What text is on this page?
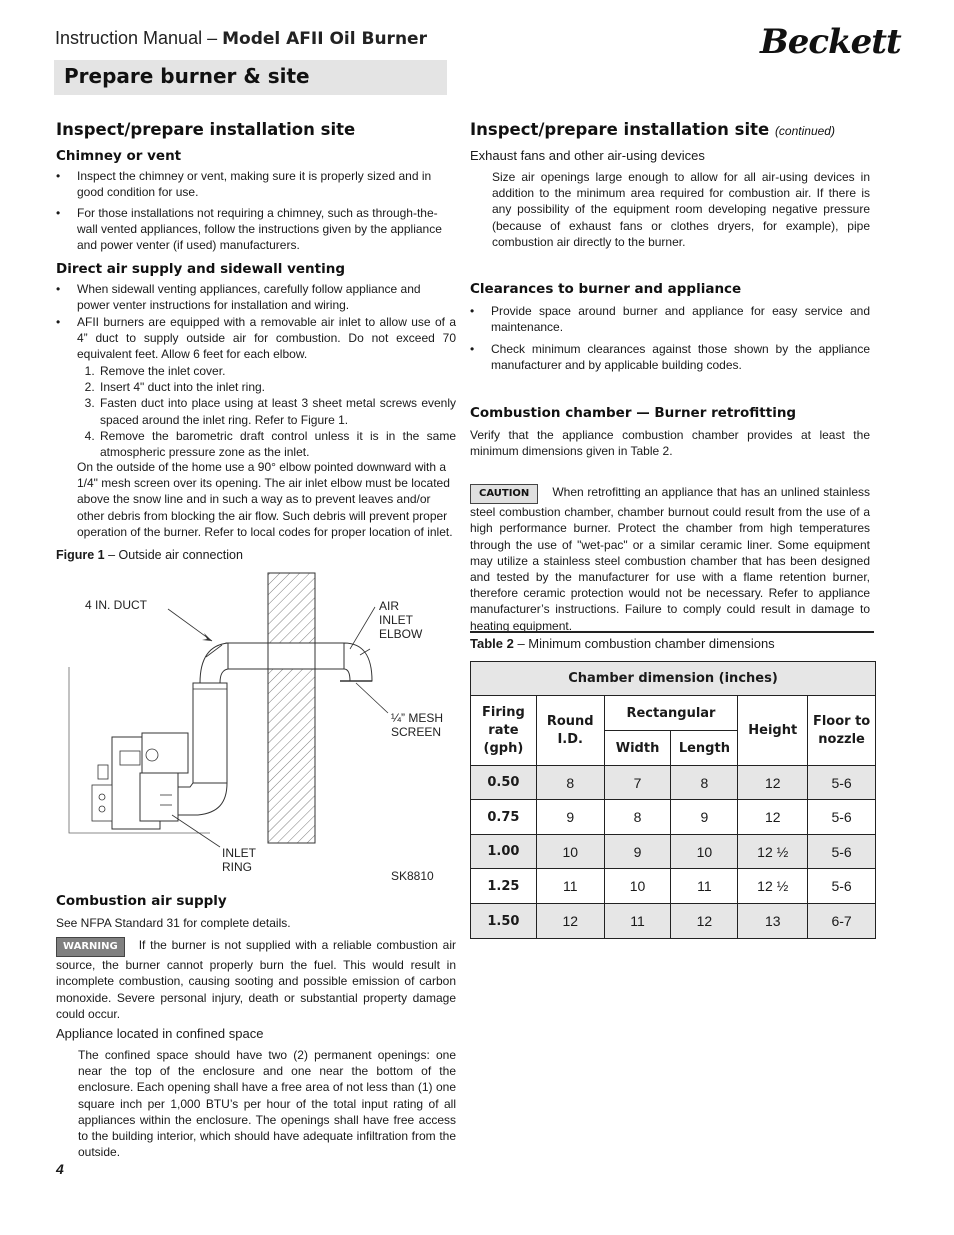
Instruction Manual – Model AFII Oil Burner	Beckett
Prepare burner & site
Inspect/prepare installation site
Chimney or vent
• Inspect the chimney or vent, making sure it is properly sized and in good condition for use.
• For those installations not requiring a chimney, such as through-the-wall vented appliances, follow the instructions given by the appliance and power venter (if used) manufacturers.
Direct air supply and sidewall venting
• When sidewall venting appliances, carefully follow appliance and power venter instructions for installation and wiring.
• AFII burners are equipped with a removable air inlet to allow use of a 4” duct to supply outside air for combustion. Do not exceed 70 equivalent feet. Allow 6 feet for each elbow.
1. Remove the inlet cover.
2. Insert 4" duct into the inlet ring.
3. Fasten duct into place using at least 3 sheet metal screws evenly spaced around the inlet ring. Refer to Figure 1.
4. Remove the barometric draft control unless it is in the same atmospheric pressure zone as the inlet.
On the outside of the home use a 90° elbow pointed downward with a 1/4" mesh screen over its opening. The air inlet elbow must be located above the snow line and in such a way as to prevent leaves and/or other debris from blocking the air flow. Such debris will prevent proper operation of the burner. Refer to local codes for proper location of inlet.
Figure 1 – Outside air connection
4 IN. DUCT	AIR
INLET
ELBOW
¼” MESH
SCREEN
INLET
RING
SK8810
Combustion air supply
See NFPA Standard 31 for complete details.
WARNING If the burner is not supplied with a reliable combustion air source, the burner cannot properly burn the fuel. This would result in incomplete combustion, causing sooting and possible emission of carbon monoxide. Severe personal injury, death or substantial property damage could occur.
Appliance located in confined space
The confined space should have two (2) permanent openings: one near the top of the enclosure and one near the bottom of the enclosure. Each opening shall have a free area of not less than (1) one square inch per 1,000 BTU’s per hour of the total input rating of all appliances within the enclosure. The openings shall have free access to the building interior, which should have adequate infiltration from the outside.
4
Inspect/prepare installation site (continued)
Exhaust fans and other air-using devices
Size air openings large enough to allow for all air-using devices in addition to the minimum area required for combustion air. If there is any possibility of the equipment room developing negative pressure (because of exhaust fans or clothes dryers, for example), pipe combustion air directly to the burner.
Clearances to burner and appliance
• Provide space around burner and appliance for easy service and maintenance.
• Check minimum clearances against those shown by the appliance manufacturer and by applicable building codes.
Combustion chamber — Burner retrofitting
Verify that the appliance combustion chamber provides at least the minimum dimensions given in Table 2.
CAUTION When retrofitting an appliance that has an unlined stainless steel combustion chamber, chamber burnout could result from the use of a high performance burner. Protect the chamber from high temperatures through the use of "wet-pac" or a similar ceramic liner. Some equipment may utilize a stainless steel combustion chamber that has been designed and tested by the manufacturer for use with a flame retention burner, therefore ceramic protection would not be necessary. Refer to appliance manufacturer’s instructions. Failure to comply could result in damage to heating equipment.
Table 2 – Minimum combustion chamber dimensions
Chamber dimension (inches)					
Firing
rate
(gph)	Round
I.D.	Rectangular		Height	Floor to
nozzle
		Width	Length		
0.50	8	7	8	12	5-6
0.75	9	8	9	12	5-6
1.00	10	9	10	12 ½	5-6
1.25	11	10	11	12 ½	5-6
1.50	12	11	12	13	6-7
